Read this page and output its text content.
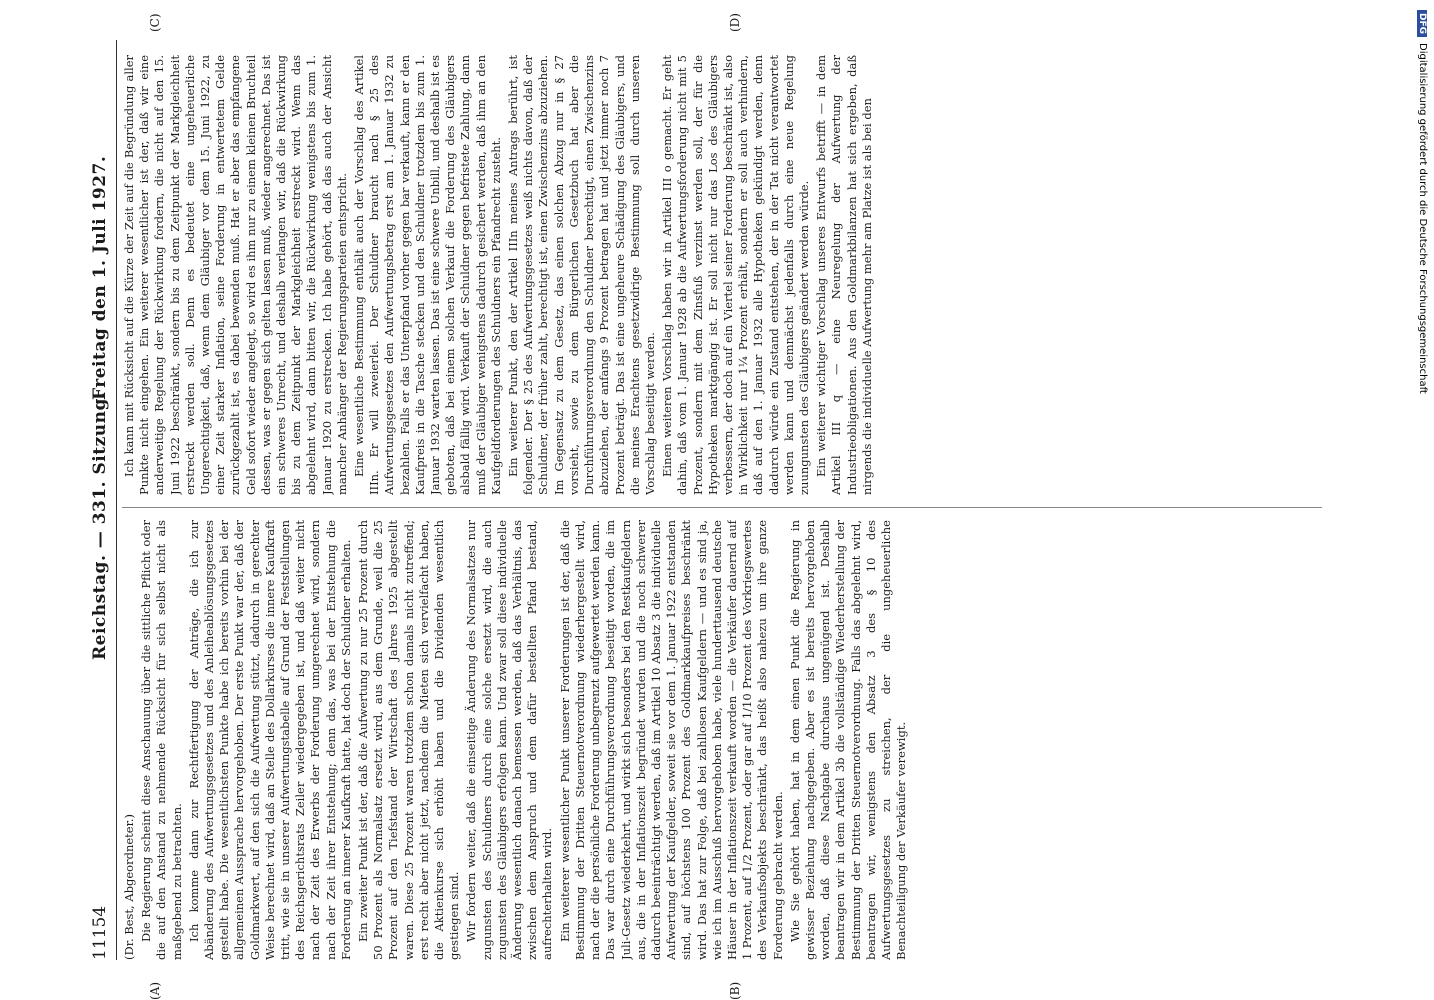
11154
Reichstag. — 331. Sitzung.
Freitag den 1. Juli 1927.

(Dr. Best, Abgeordneter.) Die Regierung scheint diese Anschauung über die sittliche Pflicht oder die auf den Anstand zu nehmende Rücksicht für sich selbst nicht als maßgebend zu betrachten. Ich komme dann zur Rechtfertigung der Anträge, die ich zur Abänderung des Aufwertungsgesetzes und des Anleiheablösungsgesetzes gestellt habe. Die wesentlichsten Punkte habe ich bereits vorhin bei der allgemeinen Aussprache hervorgehoben. Der erste Punkt war der, daß der Goldmarkwert, auf den sich die Aufwertung stützt, dadurch in gerechter Weise berechnet wird, daß an Stelle des Dollarkurses die innere Kaufkraft tritt, wie sie in unserer Aufwertungstabelle auf Grund der Feststellungen des Reichsgerichtsrats Zeiler wiedergegeben ist, und daß weiter nicht nach der Zeit des Erwerbs der Forderung umgerechnet wird, sondern nach der Zeit ihrer Entstehung; denn das, was bei der Entstehung die Forderung an innerer Kaufkraft hatte, hat doch der Schuldner erhalten. Ein zweiter Punkt ist der, daß die Aufwertung zu nur 25 Prozent durch 50 Prozent als Normalsatz ersetzt wird, aus dem Grunde, weil die 25 Prozent auf den Tiefstand der Wirtschaft des Jahres 1925 abgestellt waren. Diese 25 Prozent waren trotzdem schon damals nicht zutreffend; erst recht aber nicht jetzt, nachdem die Mieten sich vervielfacht haben, die Aktienkurse sich erhöht haben und die Dividenden wesentlich gestiegen sind. Wir fordern weiter, daß die einseitige Änderung des Normalsatzes nur zugunsten des Schuldners durch eine solche ersetzt wird, die auch zugunsten des Gläubigers erfolgen kann. Und zwar soll diese individuelle Änderung wesentlich danach bemessen werden, daß das Verhältnis, das zwischen dem Anspruch und dem dafür bestellten Pfand bestand, aufrechterhalten wird. Ein weiterer wesentlicher Punkt unserer Forderungen ist der, daß die Bestimmung der Dritten Steuernotverordnung wiederhergestellt wird, nach der die persönliche Forderung unbegrenzt aufgewertet werden kann. Das war durch eine Durchführungsverordnung beseitigt worden, die im Juli-Gesetz wiederkehrt, und wirkt sich besonders bei den Restkaufgeldern aus, die in der Inflationszeit begründet wurden und die noch schwerer dadurch beeinträchtigt werden, daß im Artikel 10 Absatz 3 die individuelle Aufwertung der Kaufgelder, soweit sie vor dem 1. Januar 1922 entstanden sind, auf höchstens 100 Prozent des Goldmarkkaufpreises beschränkt wird. Das hat zur Folge, daß bei zahllosen Kaufgeldern — und es sind ja, wie ich im Ausschuß hervorgehoben habe, viele hunderttausend deutsche Häuser in der Inflationszeit verkauft worden — die Verkäufer dauernd auf 1 Prozent, auf 1/2 Prozent, oder gar auf 1/10 Prozent des Vorkriegswertes des Verkaufsobjekts beschränkt, das heißt also nahezu um ihre ganze Forderung gebracht werden. Wie Sie gehört haben, hat in dem einen Punkt die Regierung in gewisser Beziehung nachgegeben. Aber es ist bereits hervorgehoben worden, daß diese Nachgabe durchaus ungenügend ist. Deshalb beantragen wir in dem Artikel 3b die vollständige Wiederherstellung der Bestimmung der Dritten Steuernotverordnung. Falls das abgelehnt wird, beantragen wir, wenigstens den Absatz 3 des § 10 des Aufwertungsgesetzes zu streichen, der die ungeheuerliche Benachteiligung der Verkäufer verewigt.

Ich kann mit Rücksicht auf die Kürze der Zeit auf die Begründung aller Punkte nicht eingehen. Ein weiterer wesentlicher ist der, daß wir eine anderweitige Regelung der Rückwirkung fordern, die nicht auf den 15. Juni 1922 beschränkt, sondern bis zu dem Zeitpunkt der Markgleichheit erstreckt werden soll. Denn es bedeutet eine ungeheuerliche Ungerechtigkeit, daß, wenn dem Gläubiger vor dem 15. Juni 1922, zu einer Zeit starker Inflation, seine Forderung in entwertetem Gelde zurückgezahlt ist, es dabei bewenden muß. Hat er aber das empfangene Geld sofort wieder angelegt, so wird es ihm nur zu einem kleinen Bruchteil dessen, was er gegen sich gelten lassen muß, wieder angerechnet. Das ist ein schweres Unrecht, und deshalb verlangen wir, daß die Rückwirkung bis zu dem Zeitpunkt der Markgleichheit erstreckt wird. Wenn das abgelehnt wird, dann bitten wir, die Rückwirkung wenigstens bis zum 1. Januar 1920 zu erstrecken. Ich habe gehört, daß das auch der Ansicht mancher Anhänger der Regierungsparteien entspricht. Eine wesentliche Bestimmung enthält auch der Vorschlag des Artikel IIIn. Er will zweierlei. Der Schuldner braucht nach § 25 des Aufwertungsgesetzes den Aufwertungsbetrag erst am 1. Januar 1932 zu bezahlen. Falls er das Unterpfand vorher gegen bar verkauft, kann er den Kaufpreis in die Tasche stecken und den Schuldner trotzdem bis zum 1. Januar 1932 warten lassen. Das ist eine schwere Unbill, und deshalb ist es geboten, daß bei einem solchen Verkauf die Forderung des Gläubigers alsbald fällig wird. Verkauft der Schuldner gegen befristete Zahlung, dann muß der Gläubiger wenigstens dadurch gesichert werden, daß ihm an den Kaufgeldforderungen des Schuldners ein Pfandrecht zusteht. Ein weiterer Punkt, den der Artikel IIIn meines Antrags berührt, ist folgender. Der § 25 des Aufwertungsgesetzes weiß nichts davon, daß der Schuldner, der früher zahlt, berechtigt ist, einen Zwischenzins abzuziehen. Im Gegensatz zu dem Gesetz, das einen solchen Abzug nur in § 27 vorsieht, sowie zu dem Bürgerlichen Gesetzbuch hat aber die Durchführungsverordnung den Schuldner berechtigt, einen Zwischenzins abzuziehen, der anfangs 9 Prozent betragen hat und jetzt immer noch 7 Prozent beträgt. Das ist eine ungeheure Schädigung des Gläubigers, und die meines Erachtens gesetzwidrige Bestimmung soll durch unseren Vorschlag beseitigt werden. Einen weiteren Vorschlag haben wir in Artikel III o gemacht. Er geht dahin, daß vom 1. Januar 1928 ab die Aufwertungsforderung nicht mit 5 Prozent, sondern mit dem Zinsfuß verzinst werden soll, der für die Hypotheken marktgängig ist. Er soll nicht nur das Los des Gläubigers verbessern, der doch auf ein Viertel seiner Forderung beschränkt ist, also in Wirklichkeit nur 1¼ Prozent erhält, sondern er soll auch verhindern, daß auf den 1. Januar 1932 alle Hypotheken gekündigt werden, denn dadurch würde ein Zustand entstehen, der in der Tat nicht verantwortet werden kann und demnächst jedenfalls durch eine neue Regelung zuungunsten des Gläubigers geändert werden würde. Ein weiterer wichtiger Vorschlag unseres Entwurfs betrifft — in dem Artikel III q — eine Neuregelung der Aufwertung der Industrieobligationen. Aus den Goldmarkbilanzen hat sich ergeben, daß nirgends die individuelle Aufwertung mehr am Platze ist als bei den

(A)	(B)
(C)	(D)	DFGDigitalisierung gefördert durch die Deutsche Forschungsgemeinschaft
